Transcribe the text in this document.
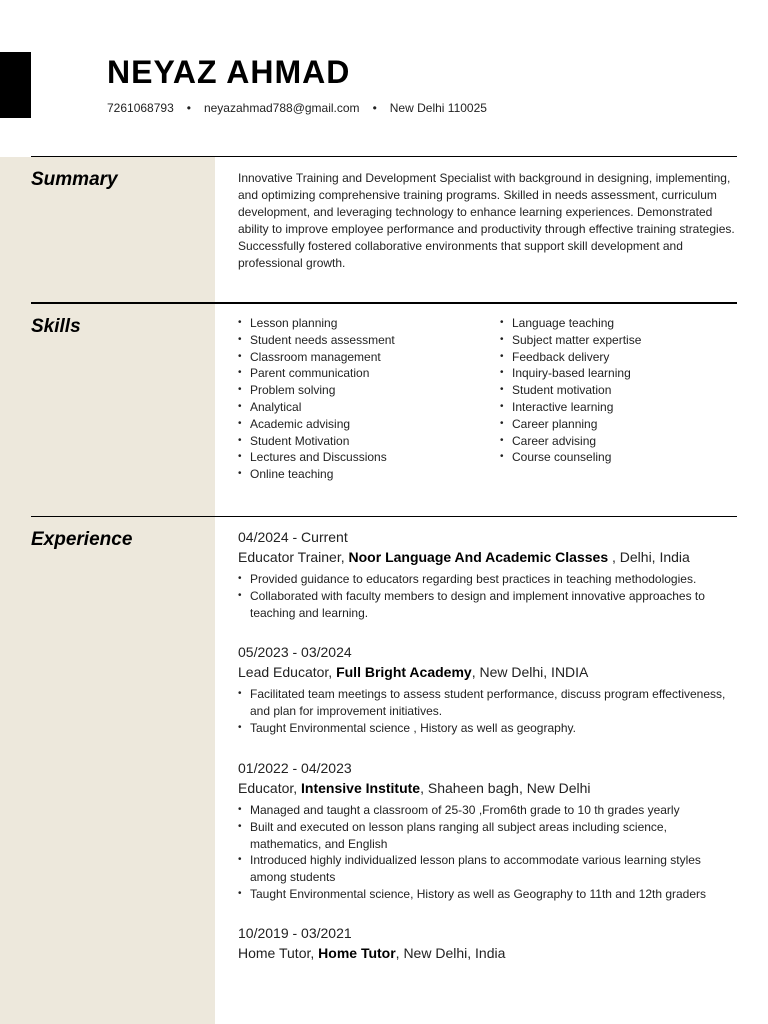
NEYAZ AHMAD
7261068793 • neyazahmad788@gmail.com • New Delhi 110025
Summary	Innovative Training and Development Specialist with background in designing, implementing, and optimizing comprehensive training programs. Skilled in needs assessment, curriculum development, and leveraging technology to enhance learning experiences. Demonstrated ability to improve employee performance and productivity through effective training strategies. Successfully fostered collaborative environments that support skill development and professional growth.

Skills
•	Lesson planning
• Student needs assessment
• Classroom management
• Parent communication
• Problem solving
• Analytical
• Academic advising
• Student Motivation
• Lectures and Discussions
• Online teaching
• Language teaching
• Subject matter expertise
• Feedback delivery
• Inquiry-based learning
• Student motivation
• Interactive learning
• Career planning
• Career advising
• Course counseling
Experience	04/2024 - Current
Educator Trainer, Noor Language And Academic Classes , Delhi, India
• Provided guidance to educators regarding best practices in teaching methodologies.
• Collaborated with faculty members to design and implement innovative approaches to teaching and learning.
05/2023 - 03/2024
Lead Educator, Full Bright Academy, New Delhi, INDIA
• Facilitated team meetings to assess student performance, discuss program effectiveness, and plan for improvement initiatives.
• Taught Environmental science , History as well as geography.
01/2022 - 04/2023
Educator, Intensive Institute, Shaheen bagh, New Delhi
• Managed and taught a classroom of 25-30 ,From6th grade to 10 th grades yearly
• Built and executed on lesson plans ranging all subject areas including science, mathematics, and English
• Introduced highly individualized lesson plans to accommodate various learning styles among students
• Taught Environmental science, History as well as Geography to 11th and 12th graders
10/2019 - 03/2021
Home Tutor, Home Tutor, New Delhi, India
